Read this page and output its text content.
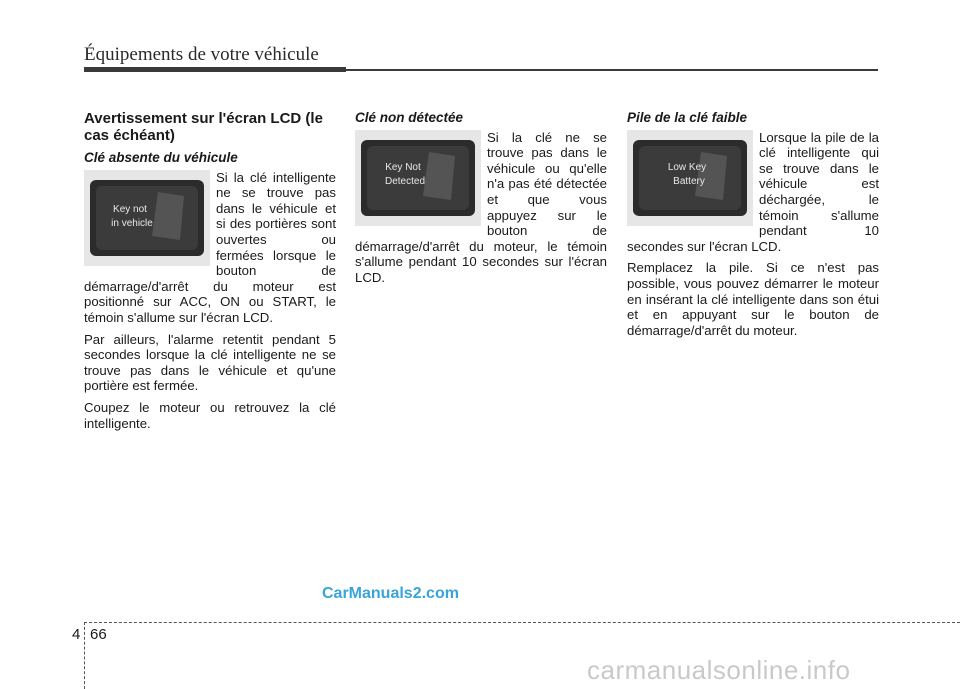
Équipements de votre véhicule
Avertissement sur l'écran LCD (le cas échéant)
Clé absente du véhicule
Key not
in vehicle

Si la clé intelligente ne se trouve pas dans le véhicule et si des portières sont ouvertes ou fermées lorsque le bouton de démarrage/d'arrêt du moteur est positionné sur ACC, ON ou START, le témoin s'allume sur l'écran LCD.

Par ailleurs, l'alarme retentit pendant 5 secondes lorsque la clé intelligente ne se trouve pas dans le véhicule et qu'une portière est fermée.

Coupez le moteur ou retrouvez la clé intelligente.

Clé non détectée
Key Not
Detected

Si la clé ne se trouve pas dans le véhicule ou qu'elle n'a pas été détectée et que vous appuyez sur le bouton de démarrage/d'arrêt du moteur, le témoin s'allume pendant 10 secondes sur l'écran LCD.

Pile de la clé faible
Low Key
Battery

Lorsque la pile de la clé intelligente qui se trouve dans le véhicule est déchargée, le témoin s'allume pendant 10 secondes sur l'écran LCD.

Remplacez la pile. Si ce n'est pas possible, vous pouvez démarrer le moteur en insérant la clé intelligente dans son étui et en appuyant sur le bouton de démarrage/d'arrêt du moteur.

CarManuals2.com
4 66
carmanualsonline.info
